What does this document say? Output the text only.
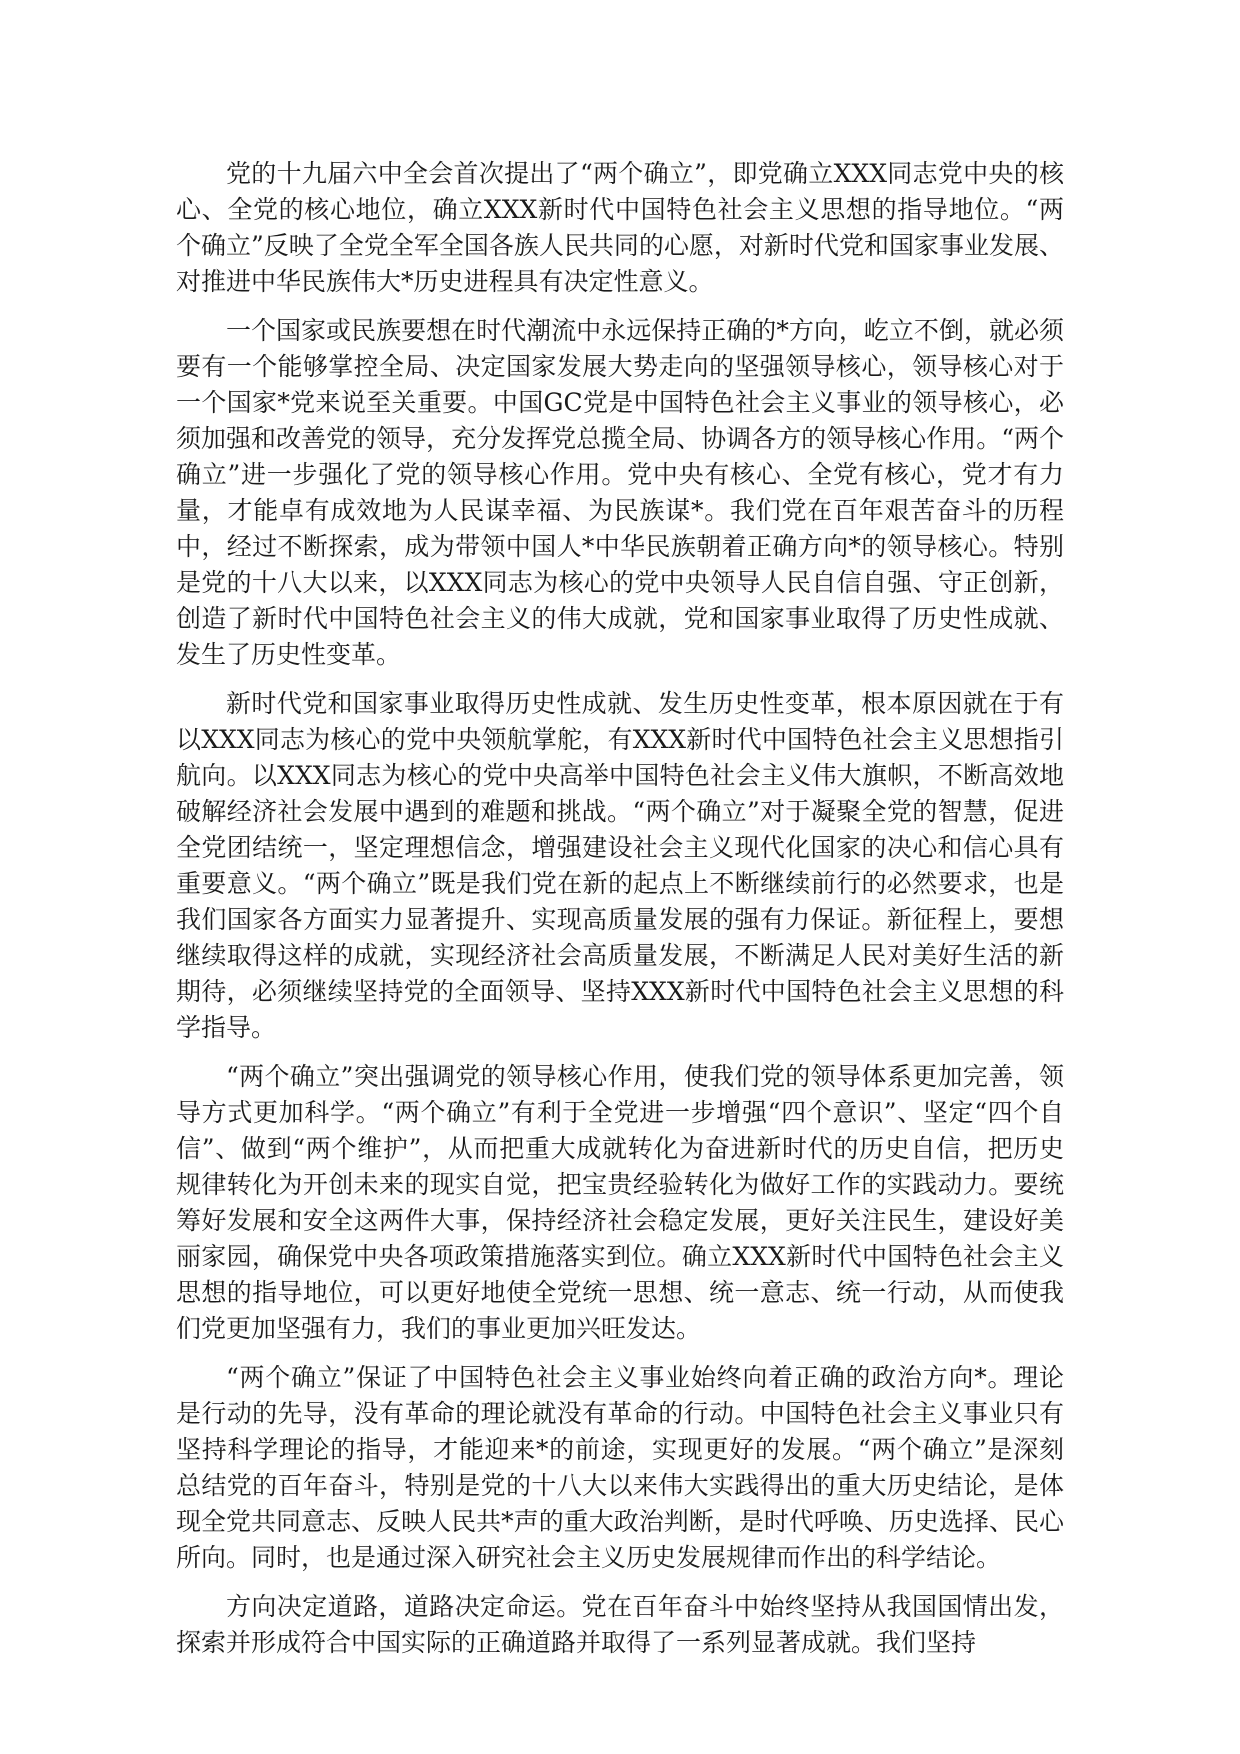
党的十九届六中全会首次提出了“两个确立”，即党确立XXX同志党中央的核心、全党的核心地位，确立XXX新时代中国特色社会主义思想的指导地位。“两个确立”反映了全党全军全国各族人民共同的心愿，对新时代党和国家事业发展、对推进中华民族伟大*历史进程具有决定性意义。

一个国家或民族要想在时代潮流中永远保持正确的*方向，屹立不倒，就必须要有一个能够掌控全局、决定国家发展大势走向的坚强领导核心，领导核心对于一个国家*党来说至关重要。中国GC党是中国特色社会主义事业的领导核心，必须加强和改善党的领导，充分发挥党总揽全局、协调各方的领导核心作用。“两个确立”进一步强化了党的领导核心作用。党中央有核心、全党有核心，党才有力量，才能卓有成效地为人民谋幸福、为民族谋*。我们党在百年艰苦奋斗的历程中，经过不断探索，成为带领中国人*中华民族朝着正确方向*的领导核心。特别是党的十八大以来，以XXX同志为核心的党中央领导人民自信自强、守正创新，创造了新时代中国特色社会主义的伟大成就，党和国家事业取得了历史性成就、发生了历史性变革。

新时代党和国家事业取得历史性成就、发生历史性变革，根本原因就在于有以XXX同志为核心的党中央领航掌舵，有XXX新时代中国特色社会主义思想指引航向。以XXX同志为核心的党中央高举中国特色社会主义伟大旗帜，不断高效地破解经济社会发展中遇到的难题和挑战。“两个确立”对于凝聚全党的智慧，促进全党团结统一，坚定理想信念，增强建设社会主义现代化国家的决心和信心具有重要意义。“两个确立”既是我们党在新的起点上不断继续前行的必然要求，也是我们国家各方面实力显著提升、实现高质量发展的强有力保证。新征程上，要想继续取得这样的成就，实现经济社会高质量发展，不断满足人民对美好生活的新期待，必须继续坚持党的全面领导、坚持XXX新时代中国特色社会主义思想的科学指导。

“两个确立”突出强调党的领导核心作用，使我们党的领导体系更加完善，领导方式更加科学。“两个确立”有利于全党进一步增强“四个意识”、坚定“四个自信”、做到“两个维护”，从而把重大成就转化为奋进新时代的历史自信，把历史规律转化为开创未来的现实自觉，把宝贵经验转化为做好工作的实践动力。要统筹好发展和安全这两件大事，保持经济社会稳定发展，更好关注民生，建设好美丽家园，确保党中央各项政策措施落实到位。确立XXX新时代中国特色社会主义思想的指导地位，可以更好地使全党统一思想、统一意志、统一行动，从而使我们党更加坚强有力，我们的事业更加兴旺发达。

“两个确立”保证了中国特色社会主义事业始终向着正确的政治方向*。理论是行动的先导，没有革命的理论就没有革命的行动。中国特色社会主义事业只有坚持科学理论的指导，才能迎来*的前途，实现更好的发展。“两个确立”是深刻总结党的百年奋斗，特别是党的十八大以来伟大实践得出的重大历史结论，是体现全党共同意志、反映人民共*声的重大政治判断，是时代呼唤、历史选择、民心所向。同时，也是通过深入研究社会主义历史发展规律而作出的科学结论。

方向决定道路，道路决定命运。党在百年奋斗中始终坚持从我国国情出发，探索并形成符合中国实际的正确道路并取得了一系列显著成就。我们坚持
